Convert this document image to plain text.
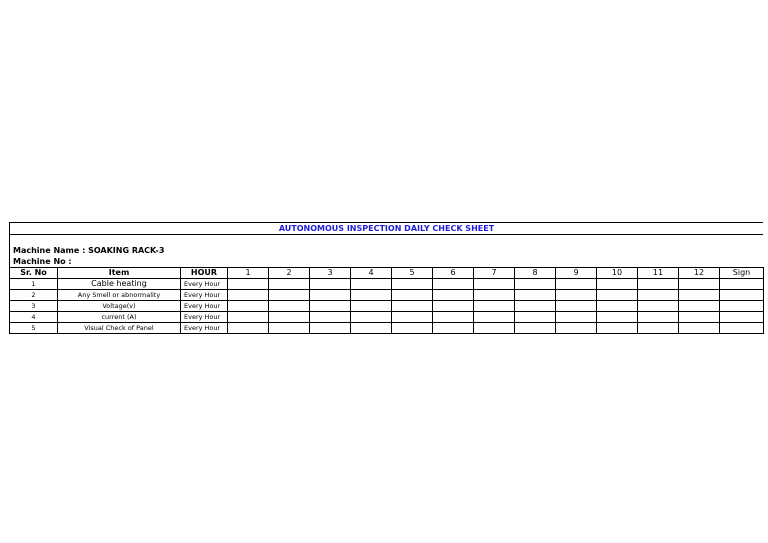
AUTONOMOUS INSPECTION DAILY CHECK SHEET
Machine Name : SOAKING RACK-3
Machine No :
Sr. No	Item	HOUR	1	2	3	4	5	6	7	8	9	10	11	12	Sign
1	Cable heating	Every Hour													
2	Any Smell or abnormality	Every Hour													
3	Voltage(v)	Every Hour													
4	current (A)	Every Hour													
5	Visual Check of Panel	Every Hour													
